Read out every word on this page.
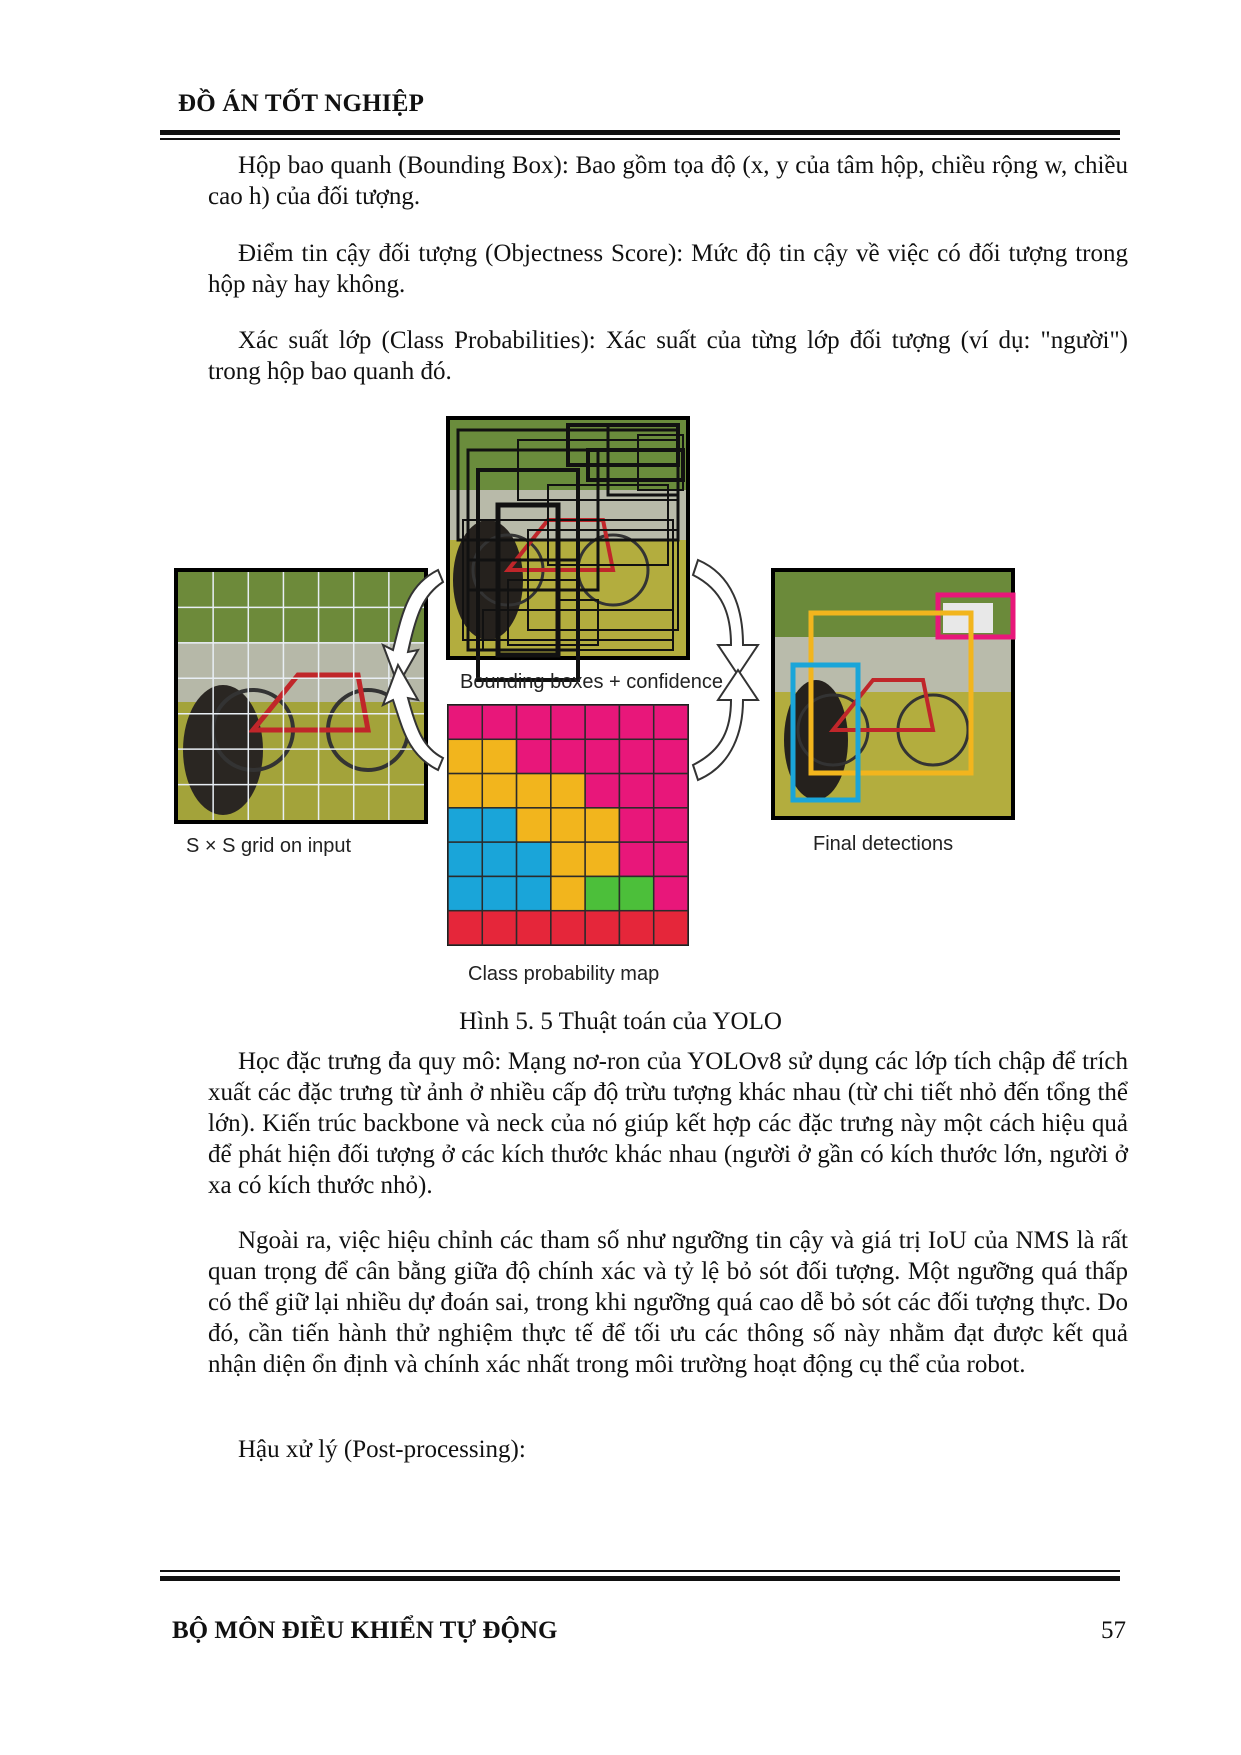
ĐỒ ÁN TỐT NGHIỆP

Hộp bao quanh (Bounding Box): Bao gồm tọa độ (x, y của tâm hộp, chiều rộng w, chiều cao h) của đối tượng.

Điểm tin cậy đối tượng (Objectness Score): Mức độ tin cậy về việc có đối tượng trong hộp này hay không.

Xác suất lớp (Class Probabilities): Xác suất của từng lớp đối tượng (ví dụ: "người") trong hộp bao quanh đó.

S × S grid on input
Bounding boxes + confidence
Class probability map
Final detections
Hình 5. 5 Thuật toán của YOLO

Học đặc trưng đa quy mô: Mạng nơ-ron của YOLOv8 sử dụng các lớp tích chập để trích xuất các đặc trưng từ ảnh ở nhiều cấp độ trừu tượng khác nhau (từ chi tiết nhỏ đến tổng thể lớn). Kiến trúc backbone và neck của nó giúp kết hợp các đặc trưng này một cách hiệu quả để phát hiện đối tượng ở các kích thước khác nhau (người ở gần có kích thước lớn, người ở xa có kích thước nhỏ).

Ngoài ra, việc hiệu chỉnh các tham số như ngưỡng tin cậy và giá trị IoU của NMS là rất quan trọng để cân bằng giữa độ chính xác và tỷ lệ bỏ sót đối tượng. Một ngưỡng quá thấp có thể giữ lại nhiều dự đoán sai, trong khi ngưỡng quá cao dễ bỏ sót các đối tượng thực. Do đó, cần tiến hành thử nghiệm thực tế để tối ưu các thông số này nhằm đạt được kết quả nhận diện ổn định và chính xác nhất trong môi trường hoạt động cụ thể của robot.

Hậu xử lý (Post-processing):

BỘ MÔN ĐIỀU KHIỂN TỰ ĐỘNG	57
